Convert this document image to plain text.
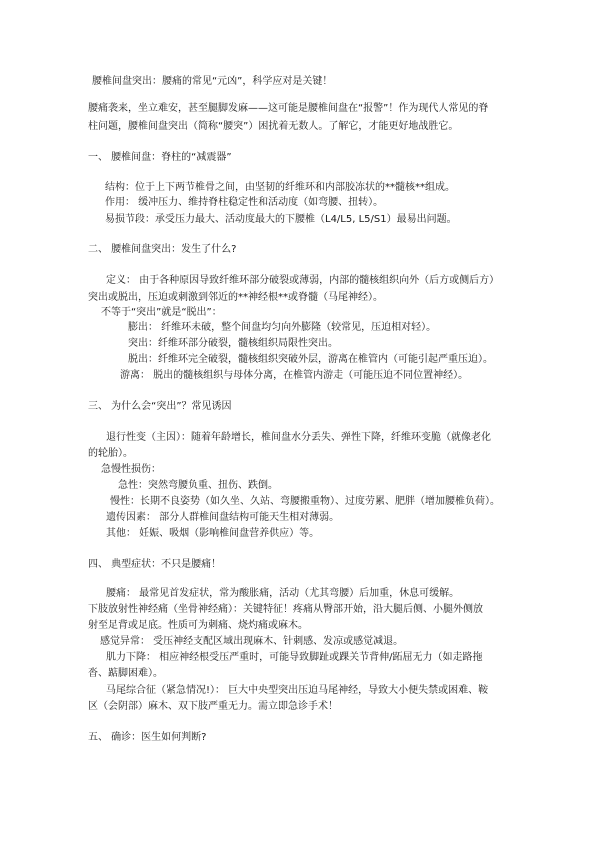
腰椎间盘突出：腰痛的常见“元凶”，科学应对是关键！
腰痛袭来，坐立难安，甚至腿脚发麻——这可能是腰椎间盘在“报警”！作为现代人常见的脊
柱问题，腰椎间盘突出（简称“腰突”）困扰着无数人。了解它，才能更好地战胜它。
一、 腰椎间盘：脊柱的“减震器”
结构：位于上下两节椎骨之间，由坚韧的纤维环和内部胶冻状的**髓核**组成。
作用： 缓冲压力、维持脊柱稳定性和活动度（如弯腰、扭转）。
易损节段：承受压力最大、活动度最大的下腰椎（L4/L5, L5/S1）最易出问题。
二、 腰椎间盘突出：发生了什么?
定义： 由于各种原因导致纤维环部分破裂或薄弱，内部的髓核组织向外（后方或侧后方）
突出或脱出，压迫或刺激到邻近的**神经根**或脊髓（马尾神经）。
不等于“突出”就是“脱出”：
膨出： 纤维环未破，整个间盘均匀向外膨隆（较常见，压迫相对轻）。
突出：纤维环部分破裂，髓核组织局限性突出。
脱出：纤维环完全破裂，髓核组织突破外层，游离在椎管内（可能引起严重压迫）。
游离： 脱出的髓核组织与母体分离，在椎管内游走（可能压迫不同位置神经）。
三、 为什么会“突出”？常见诱因
退行性变（主因）：随着年龄增长，椎间盘水分丢失、弹性下降，纤维环变脆（就像老化
的轮胎）。
急慢性损伤：
急性：突然弯腰负重、扭伤、跌倒。
慢性：长期不良姿势（如久坐、久站、弯腰搬重物）、过度劳累、肥胖（增加腰椎负荷）。
遗传因素： 部分人群椎间盘结构可能天生相对薄弱。
其他： 妊娠、吸烟（影响椎间盘营养供应）等。
四、 典型症状：不只是腰痛！
腰痛： 最常见首发症状，常为酸胀痛，活动（尤其弯腰）后加重，休息可缓解。
下肢放射性神经痛（坐骨神经痛）：关键特征！疼痛从臀部开始，沿大腿后侧、小腿外侧放
射至足背或足底。性质可为刺痛、烧灼痛或麻木。
感觉异常： 受压神经支配区域出现麻木、针刺感、发凉或感觉减退。
肌力下降： 相应神经根受压严重时，可能导致脚趾或踝关节背伸/跖屈无力（如走路拖
沓、踮脚困难）。
马尾综合征（紧急情况!）： 巨大中央型突出压迫马尾神经，导致大小便失禁或困难、鞍
区（会阴部）麻木、双下肢严重无力。需立即急诊手术！
五、 确诊：医生如何判断?
